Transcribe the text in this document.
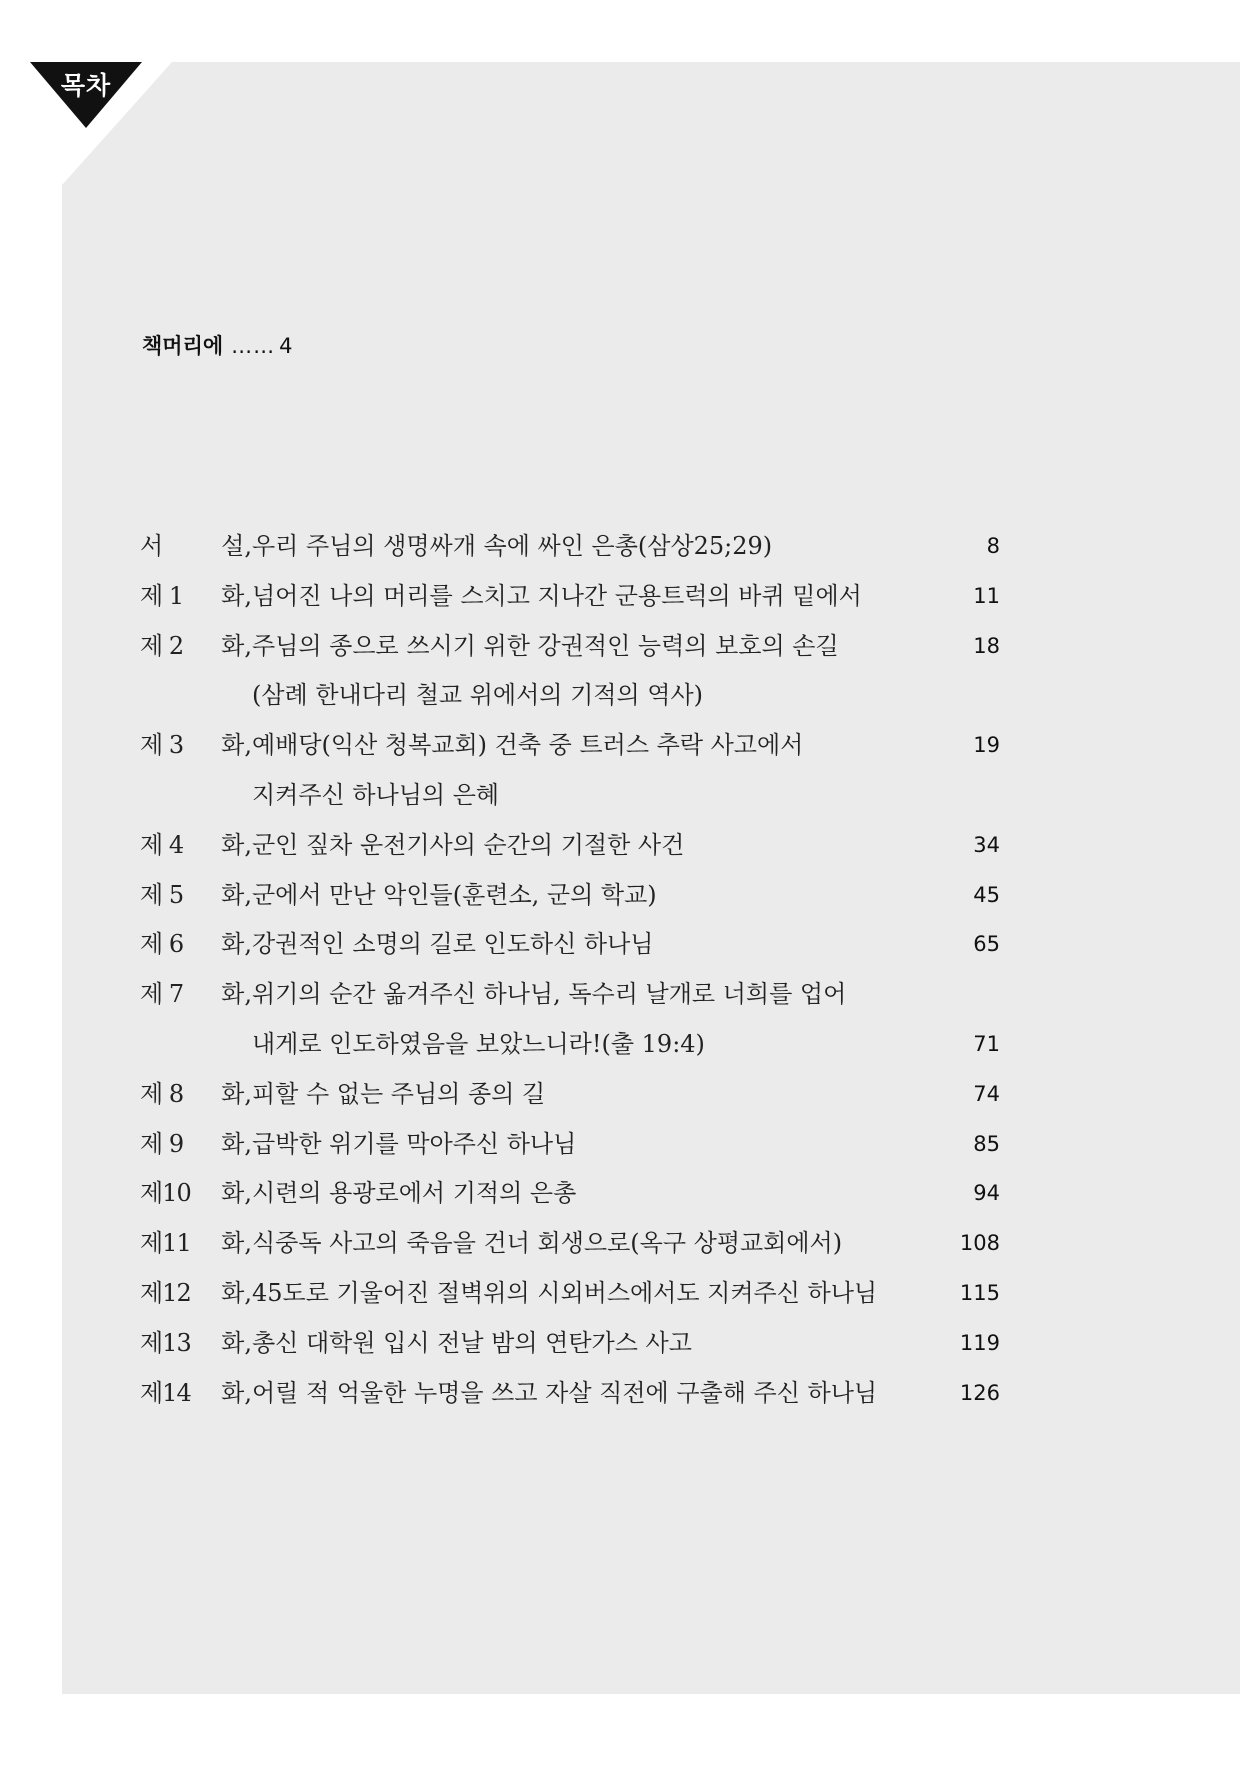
목차
책머리에 …… 4
서 설, 우리 주님의 생명싸개 속에 싸인 은총(삼상25;29)	8
제 1 화, 넘어진 나의 머리를 스치고 지나간 군용트럭의 바퀴 밑에서	11
제 2 화, 주님의 종으로 쓰시기 위한 강권적인 능력의 보호의 손길	18
(삼례 한내다리 철교 위에서의 기적의 역사)
제 3 화, 예배당(익산 청복교회) 건축 중 트러스 추락 사고에서	19
지켜주신 하나님의 은혜
제 4 화, 군인 짚차 운전기사의 순간의 기절한 사건	34
제 5 화, 군에서 만난 악인들(훈련소, 군의 학교)	45
제 6 화, 강권적인 소명의 길로 인도하신 하나님	65
제 7 화, 위기의 순간 옮겨주신 하나님, 독수리 날개로 너희를 업어
내게로 인도하였음을 보았느니라!(출 19:4)	71
제 8 화, 피할 수 없는 주님의 종의 길	74
제 9 화, 급박한 위기를 막아주신 하나님	85
제10 화, 시련의 용광로에서 기적의 은총	94
제11 화, 식중독 사고의 죽음을 건너 회생으로(옥구 상평교회에서)	108
제12 화, 45도로 기울어진 절벽위의 시외버스에서도 지켜주신 하나님	115
제13 화, 총신 대학원 입시 전날 밤의 연탄가스 사고	119
제14 화, 어릴 적 억울한 누명을 쓰고 자살 직전에 구출해 주신 하나님	126
